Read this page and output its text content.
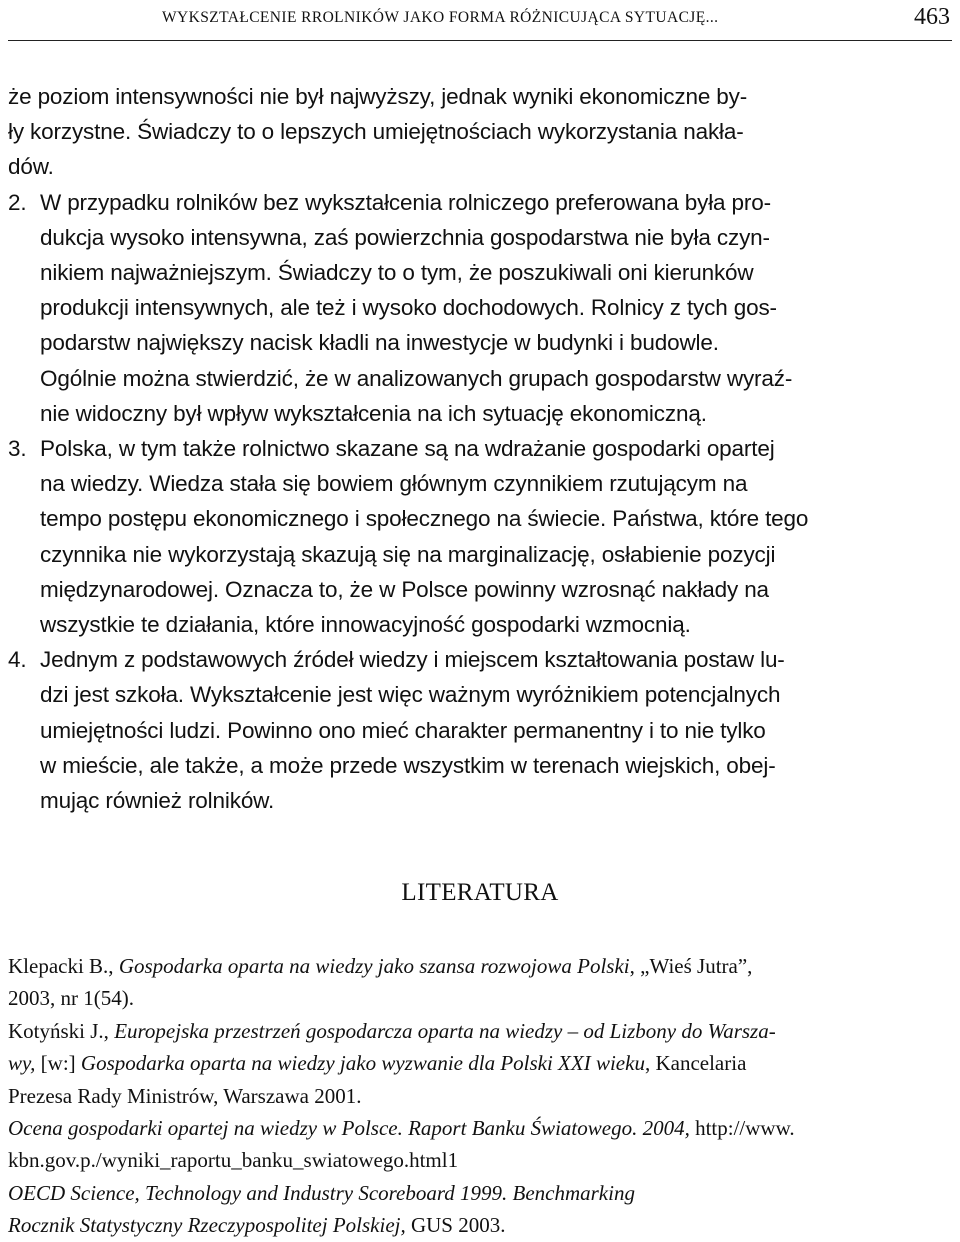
WYKSZTAŁCENIE RROLNIKÓW JAKO FORMA RÓŻNICUJĄCA SYTUACJĘ...	463

że poziom intensywności nie był najwyższy, jednak wyniki ekonomiczne by-
ły korzystne. Świadczy to o lepszych umiejętnościach wykorzystania nakła-
dów.

2. W przypadku rolników bez wykształcenia rolniczego preferowana była pro-
dukcja wysoko intensywna, zaś powierzchnia gospodarstwa nie była czyn-
nikiem najważniejszym. Świadczy to o tym, że poszukiwali oni kierunków
produkcji intensywnych, ale też i wysoko dochodowych. Rolnicy z tych gos-
podarstw największy nacisk kładli na inwestycje w budynki i budowle.
Ogólnie można stwierdzić, że w analizowanych grupach gospodarstw wyraź-
nie widoczny był wpływ wykształcenia na ich sytuację ekonomiczną.
3. Polska, w tym także rolnictwo skazane są na wdrażanie gospodarki opartej
na wiedzy. Wiedza stała się bowiem głównym czynnikiem rzutującym na
tempo postępu ekonomicznego i społecznego na świecie. Państwa, które tego
czynnika nie wykorzystają skazują się na marginalizację, osłabienie pozycji
międzynarodowej. Oznacza to, że w Polsce powinny wzrosnąć nakłady na
wszystkie te działania, które innowacyjność gospodarki wzmocnią.
4. Jednym z podstawowych źródeł wiedzy i miejscem kształtowania postaw lu-
dzi jest szkoła. Wykształcenie jest więc ważnym wyróżnikiem potencjalnych
umiejętności ludzi. Powinno ono mieć charakter permanentny i to nie tylko
w mieście, ale także, a może przede wszystkim w terenach wiejskich, obej-
mując również rolników.
LITERATURA
Klepacki B., Gospodarka oparta na wiedzy jako szansa rozwojowa Polski, „Wieś Jutra”,
2003, nr 1(54).
Kotyński J., Europejska przestrzeń gospodarcza oparta na wiedzy – od Lizbony do Warsza-
wy, [w:] Gospodarka oparta na wiedzy jako wyzwanie dla Polski XXI wieku, Kancelaria
Prezesa Rady Ministrów, Warszawa 2001.
Ocena gospodarki opartej na wiedzy w Polsce. Raport Banku Światowego. 2004, http://www.
kbn.gov.p./wyniki_raportu_banku_swiatowego.html1
OECD Science, Technology and Industry Scoreboard 1999. Benchmarking
Rocznik Statystyczny Rzeczypospolitej Polskiej, GUS 2003.
